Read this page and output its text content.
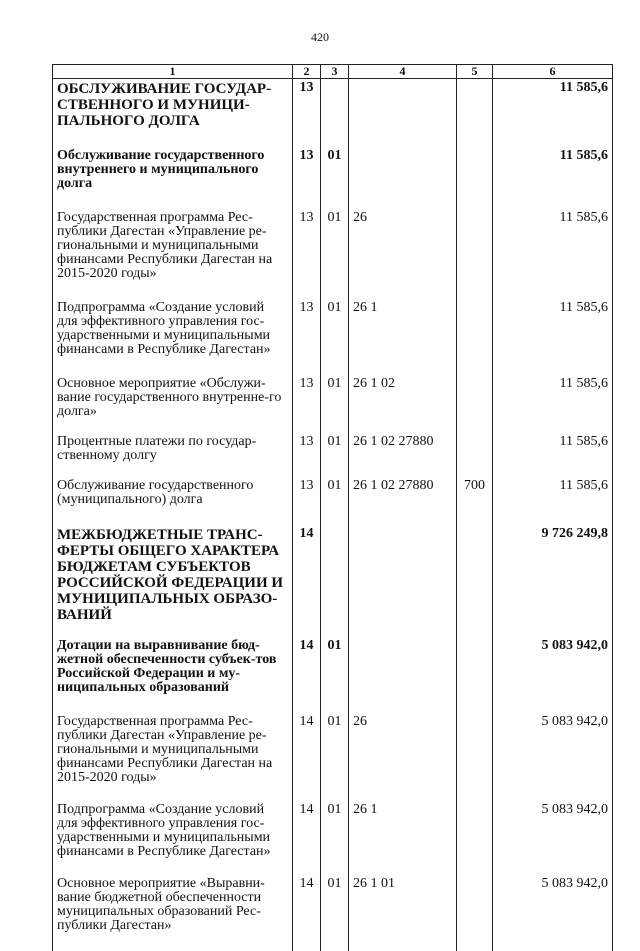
420
1	2	3	4	5	6
ОБСЛУЖИВАНИЕ ГОСУДАР-СТВЕННОГО И МУНИЦИ-ПАЛЬНОГО ДОЛГА	13				11 585,6
Обслуживание государственного внутреннего и муниципального долга	13	01			11 585,6
Государственная программа Рес-публики Дагестан «Управление ре-гиональными и муниципальными финансами Республики Дагестан на 2015-2020 годы»	13	01	26		11 585,6
Подпрограмма «Создание условий для эффективного управления гос-ударственными и муниципальными финансами в Республике Дагестан»	13	01	26 1		11 585,6
Основное мероприятие «Обслужи-вание государственного внутренне-го долга»	13	01	26 1 02		11 585,6
Процентные платежи по государ-ственному долгу	13	01	26 1 02 27880		11 585,6
Обслуживание государственного (муниципального) долга	13	01	26 1 02 27880	700	11 585,6
МЕЖБЮДЖЕТНЫЕ ТРАНС-ФЕРТЫ ОБЩЕГО ХАРАКТЕРА БЮДЖЕТАМ СУБЪЕКТОВ РОССИЙСКОЙ ФЕДЕРАЦИИ И МУНИЦИПАЛЬНЫХ ОБРАЗО-ВАНИЙ	14				9 726 249,8
Дотации на выравнивание бюд-жетной обеспеченности субъек-тов Российской Федерации и му-ниципальных образований	14	01			5 083 942,0
Государственная программа Рес-публики Дагестан «Управление ре-гиональными и муниципальными финансами Республики Дагестан на 2015-2020 годы»	14	01	26		5 083 942,0
Подпрограмма «Создание условий для эффективного управления гос-ударственными и муниципальными финансами в Республике Дагестан»	14	01	26 1		5 083 942,0
Основное мероприятие «Выравни-вание бюджетной обеспеченности муниципальных образований Рес-публики Дагестан»	14	01	26 1 01		5 083 942,0
